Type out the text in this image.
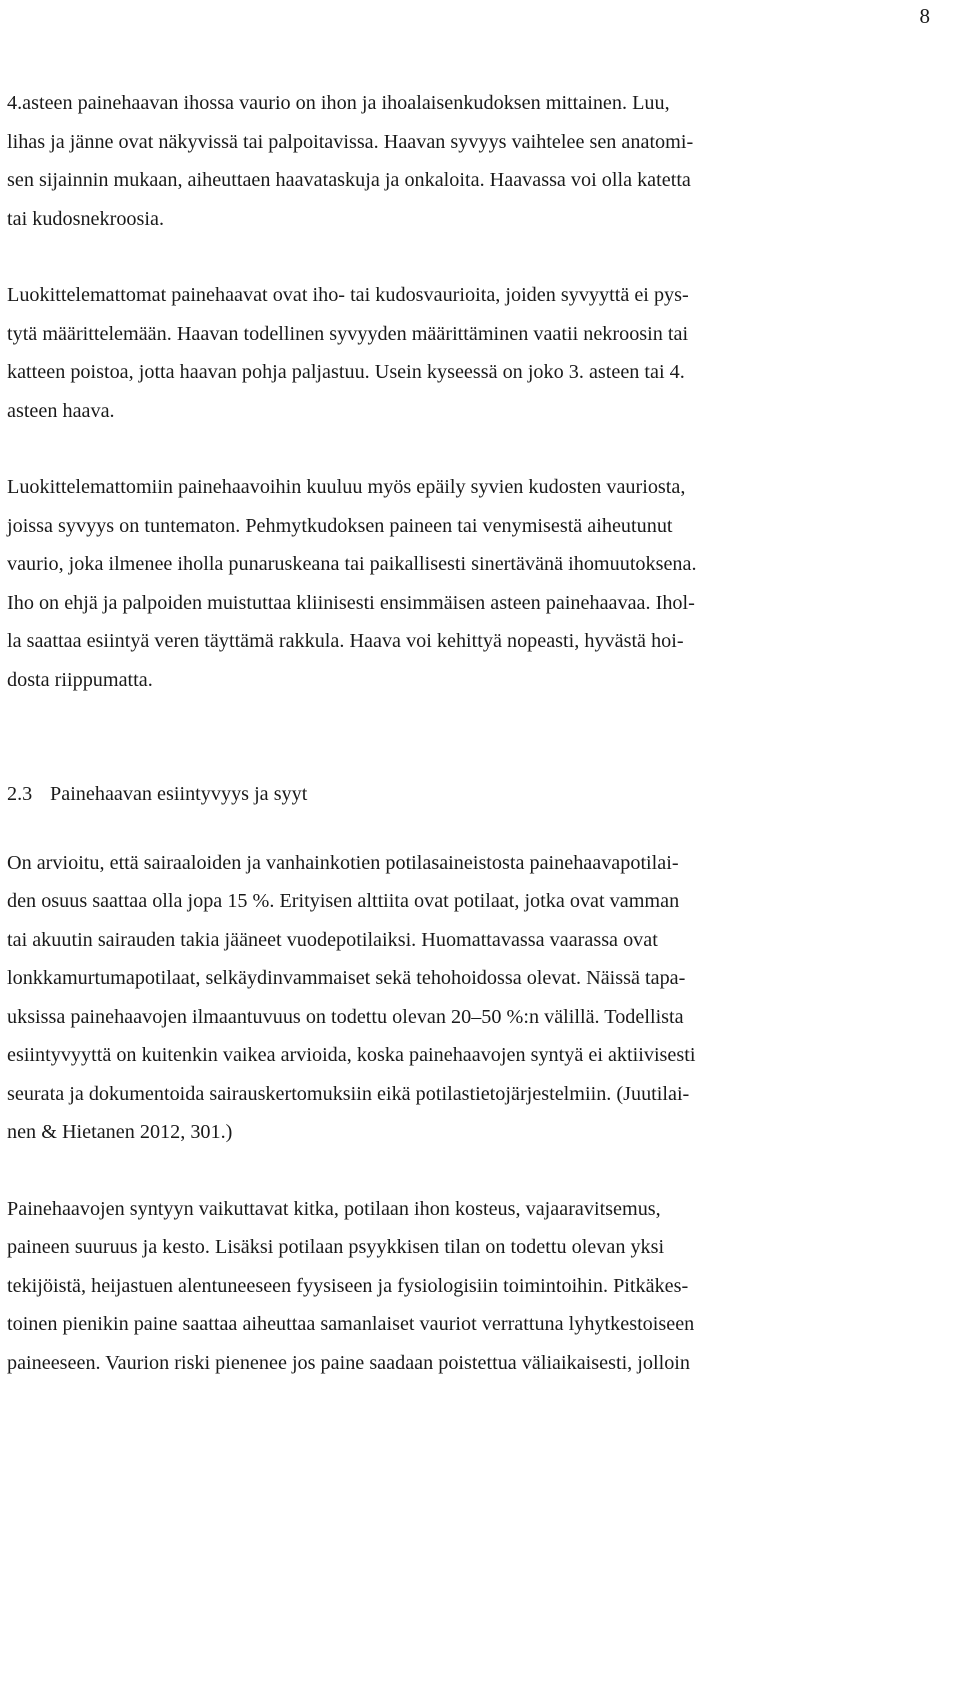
8

4.asteen painehaavan ihossa vaurio on ihon ja ihoalaisenkudoksen mittainen. Luu,
lihas ja jänne ovat näkyvissä tai palpoitavissa. Haavan syvyys vaihtelee sen anatomi-
sen sijainnin mukaan, aiheuttaen haavataskuja ja onkaloita. Haavassa voi olla katetta
tai kudosnekroosia.

Luokittelemattomat painehaavat ovat iho- tai kudosvaurioita, joiden syvyyttä ei pys-
tytä määrittelemään. Haavan todellinen syvyyden määrittäminen vaatii nekroosin tai
katteen poistoa, jotta haavan pohja paljastuu. Usein kyseessä on joko 3. asteen tai 4.
asteen haava.

Luokittelemattomiin painehaavoihin kuuluu myös epäily syvien kudosten vauriosta,
joissa syvyys on tuntematon. Pehmytkudoksen paineen tai venymisestä aiheutunut
vaurio, joka ilmenee iholla punaruskeana tai paikallisesti sinertävänä ihomuutoksena.
Iho on ehjä ja palpoiden muistuttaa kliinisesti ensimmäisen asteen painehaavaa. Ihol-
la saattaa esiintyä veren täyttämä rakkula. Haava voi kehittyä nopeasti, hyvästä hoi-
dosta riippumatta.

2.3 Painehaavan esiintyvyys ja syyt

On arvioitu, että sairaaloiden ja vanhainkotien potilasaineistosta painehaavapotilai-
den osuus saattaa olla jopa 15 %. Erityisen alttiita ovat potilaat, jotka ovat vamman
tai akuutin sairauden takia jääneet vuodepotilaiksi. Huomattavassa vaarassa ovat
lonkkamurtumapotilaat, selkäydinvammaiset sekä tehohoidossa olevat. Näissä tapa-
uksissa painehaavojen ilmaantuvuus on todettu olevan 20–50 %:n välillä. Todellista
esiintyvyyttä on kuitenkin vaikea arvioida, koska painehaavojen syntyä ei aktiivisesti
seurata ja dokumentoida sairauskertomuksiin eikä potilastietojärjestelmiin. (Juutilai-
nen & Hietanen 2012, 301.)

Painehaavojen syntyyn vaikuttavat kitka, potilaan ihon kosteus, vajaaravitsemus,
paineen suuruus ja kesto. Lisäksi potilaan psyykkisen tilan on todettu olevan yksi
tekijöistä, heijastuen alentuneeseen fyysiseen ja fysiologisiin toimintoihin. Pitkäkes-
toinen pienikin paine saattaa aiheuttaa samanlaiset vauriot verrattuna lyhytkestoiseen
paineeseen. Vaurion riski pienenee jos paine saadaan poistettua väliaikaisesti, jolloin
